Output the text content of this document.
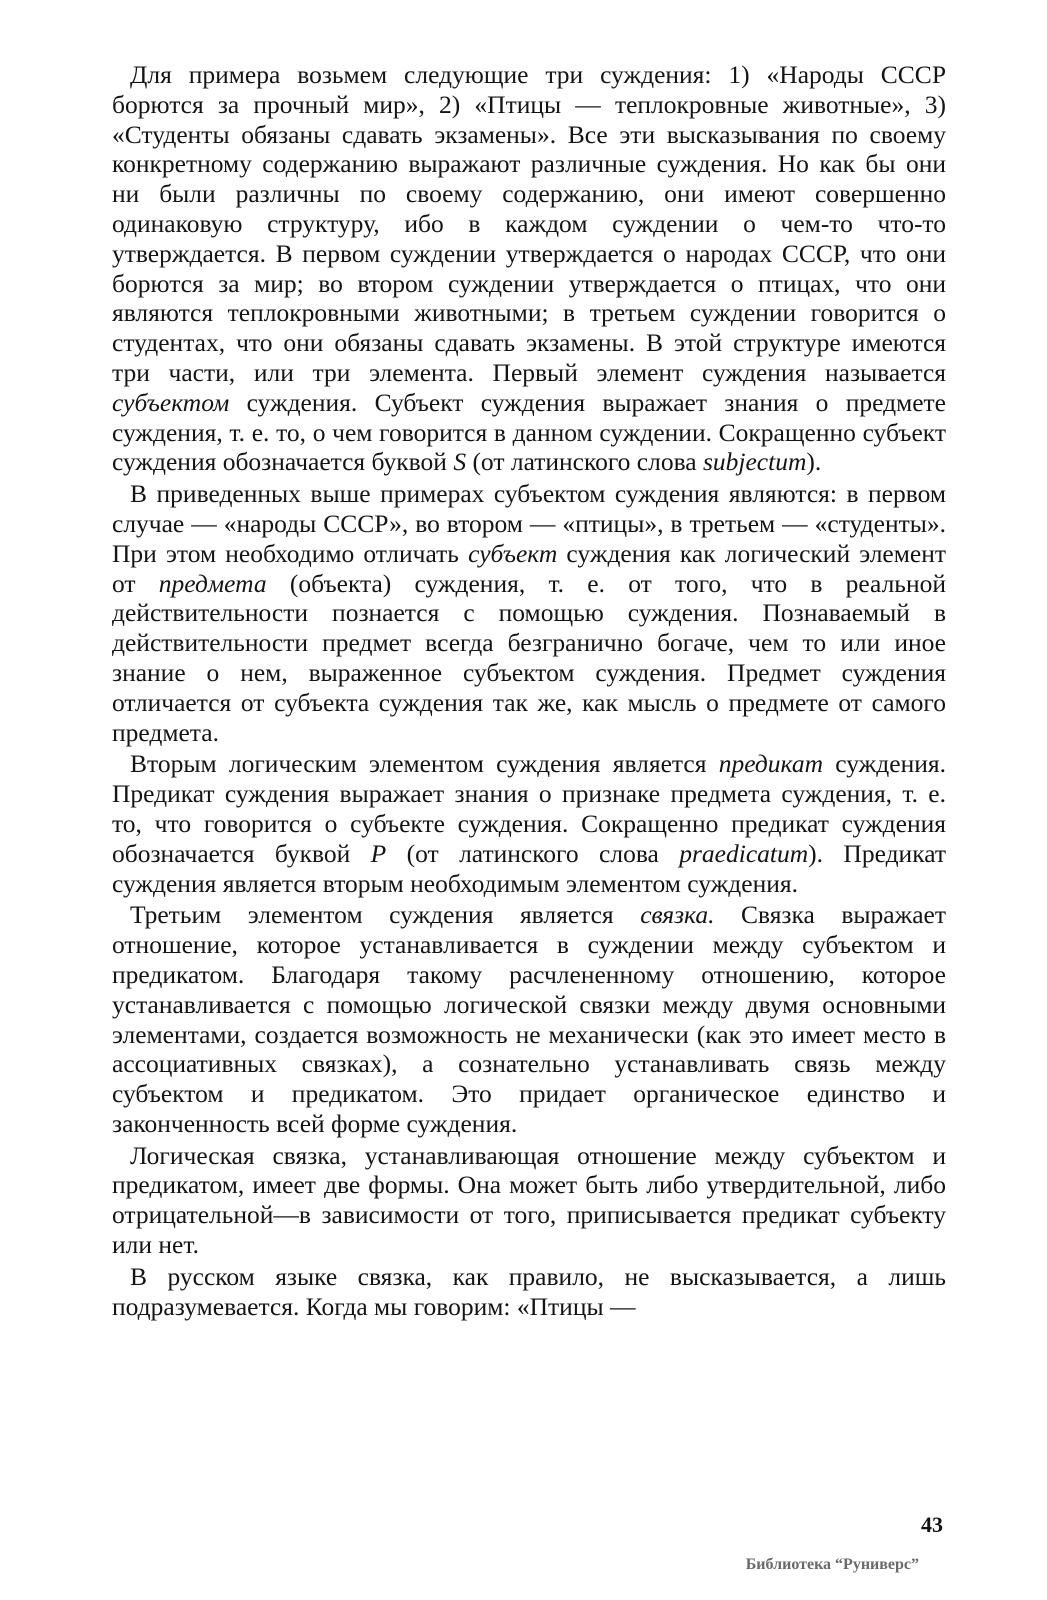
Для примера возьмем следующие три суждения: 1) «Народы СССР борются за прочный мир», 2) «Птицы — теплокровные животные», 3) «Студенты обязаны сдавать экзамены». Все эти высказывания по своему конкретному содержанию выражают различные суждения. Но как бы они ни были различны по своему содержанию, они имеют совершенно одинаковую структуру, ибо в каждом суждении о чем-то что-то утверждается. В первом суждении утверждается о народах СССР, что они борются за мир; во втором суждении утверждается о птицах, что они являются теплокровными животными; в третьем суждении говорится о студентах, что они обязаны сдавать экзамены. В этой структуре имеются три части, или три элемента. Первый элемент суждения называется субъектом суждения. Субъект суждения выражает знания о предмете суждения, т. е. то, о чем говорится в данном суждении. Сокращенно субъект суждения обозначается буквой S (от латинского слова subjectum).

В приведенных выше примерах субъектом суждения являются: в первом случае — «народы СССР», во втором — «птицы», в третьем — «студенты». При этом необходимо отличать субъект суждения как логический элемент от предмета (объекта) суждения, т. е. от того, что в реальной действительности познается с помощью суждения. Познаваемый в действительности предмет всегда безгранично богаче, чем то или иное знание о нем, выраженное субъектом суждения. Предмет суждения отличается от субъекта суждения так же, как мысль о предмете от самого предмета.

Вторым логическим элементом суждения является предикат суждения. Предикат суждения выражает знания о признаке предмета суждения, т. е. то, что говорится о субъекте суждения. Сокращенно предикат суждения обозначается буквой P (от латинского слова praedicatum). Предикат суждения является вторым необходимым элементом суждения.

Третьим элементом суждения является связка. Связка выражает отношение, которое устанавливается в суждении между субъектом и предикатом. Благодаря такому расчлененному отношению, которое устанавливается с помощью логической связки между двумя основными элементами, создается возможность не механически (как это имеет место в ассоциативных связках), а сознательно устанавливать связь между субъектом и предикатом. Это придает органическое единство и законченность всей форме суждения.

Логическая связка, устанавливающая отношение между субъектом и предикатом, имеет две формы. Она может быть либо утвердительной, либо отрицательной—в зависимости от того, приписывается предикат субъекту или нет.

В русском языке связка, как правило, не высказывается, а лишь подразумевается. Когда мы говорим: «Птицы —

43
Библиотека “Руниверс”
